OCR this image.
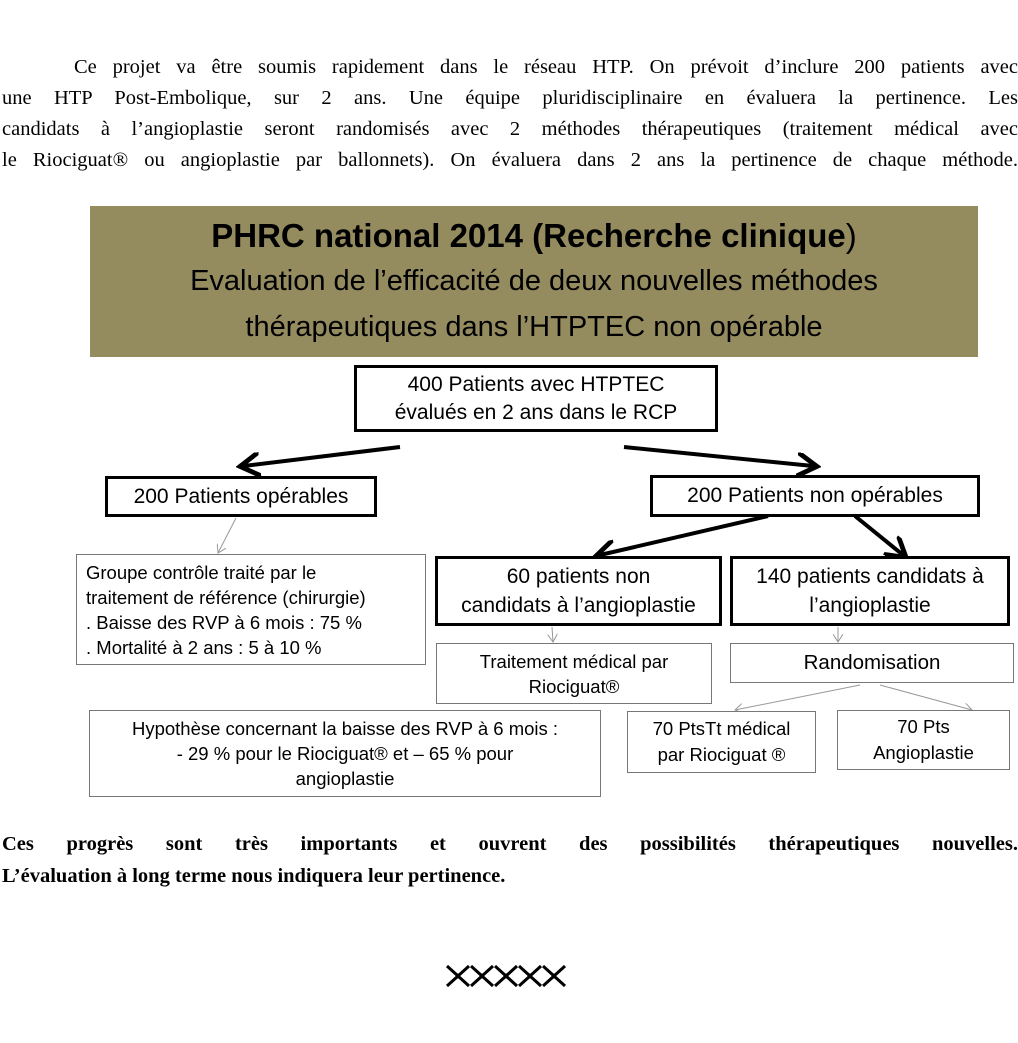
Ce projet va être soumis rapidement dans le réseau HTP. On prévoit d’inclure 200 patients avec
une HTP Post-Embolique, sur 2 ans. Une équipe pluridisciplinaire en évaluera la pertinence. Les
candidats à l’angioplastie seront randomisés avec 2 méthodes thérapeutiques (traitement médical avec
le Riociguat® ou angioplastie par ballonnets). On évaluera dans 2 ans la pertinence de chaque méthode.
PHRC national 2014 (Recherche clinique)
Evaluation de l’efficacité de deux nouvelles méthodes
thérapeutiques dans l’HTPTEC non opérable
400 Patients avec HTPTEC
évalués en 2 ans dans le RCP
200 Patients opérables	200 Patients non opérables
Groupe contrôle traité par le
traitement de référence (chirurgie)
. Baisse des RVP à 6 mois : 75 %
. Mortalité à 2 ans : 5 à 10 %
60 patients non
candidats à l’angioplastie
140 patients candidats à
l’angioplastie
Traitement médical par
Riociguat®
Randomisation
Hypothèse concernant la baisse des RVP à 6 mois :
- 29 % pour le Riociguat® et – 65 % pour
angioplastie
70 PtsTt médical
par Riociguat ®
70 Pts
Angioplastie
Ces progrès sont très importants et ouvrent des possibilités thérapeutiques nouvelles.
L’évaluation à long terme nous indiquera leur pertinence.
